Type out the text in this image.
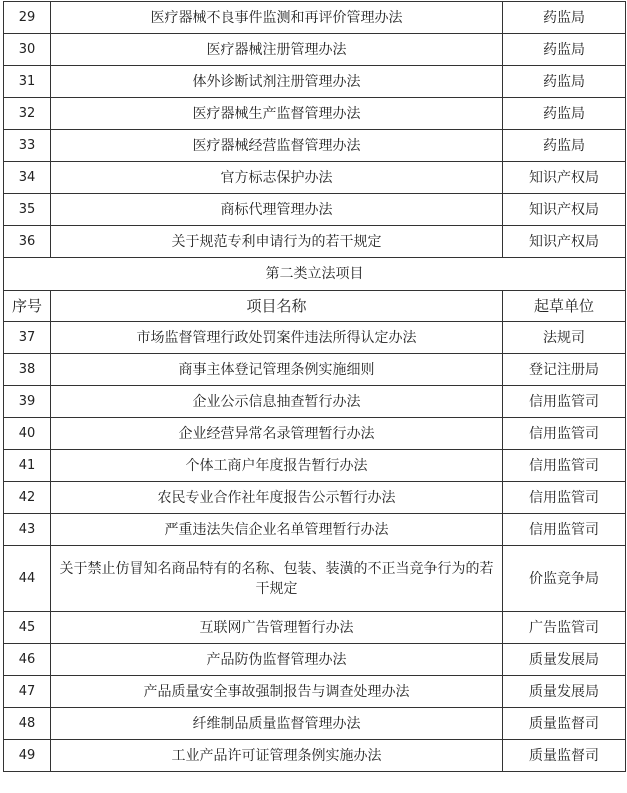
29	医疗器械不良事件监测和再评价管理办法	药监局
30	医疗器械注册管理办法	药监局
31	体外诊断试剂注册管理办法	药监局
32	医疗器械生产监督管理办法	药监局
33	医疗器械经营监督管理办法	药监局
34	官方标志保护办法	知识产权局
35	商标代理管理办法	知识产权局
36	关于规范专利申请行为的若干规定	知识产权局
第二类立法项目		
序号	项目名称	起草单位
37	市场监督管理行政处罚案件违法所得认定办法	法规司
38	商事主体登记管理条例实施细则	登记注册局
39	企业公示信息抽查暂行办法	信用监管司
40	企业经营异常名录管理暂行办法	信用监管司
41	个体工商户年度报告暂行办法	信用监管司
42	农民专业合作社年度报告公示暂行办法	信用监管司
43	严重违法失信企业名单管理暂行办法	信用监管司
44	关于禁止仿冒知名商品特有的名称、包装、装潢的不正当竞争行为的若干规定	价监竞争局
45	互联网广告管理暂行办法	广告监管司
46	产品防伪监督管理办法	质量发展局
47	产品质量安全事故强制报告与调查处理办法	质量发展局
48	纤维制品质量监督管理办法	质量监督司
49	工业产品许可证管理条例实施办法	质量监督司
